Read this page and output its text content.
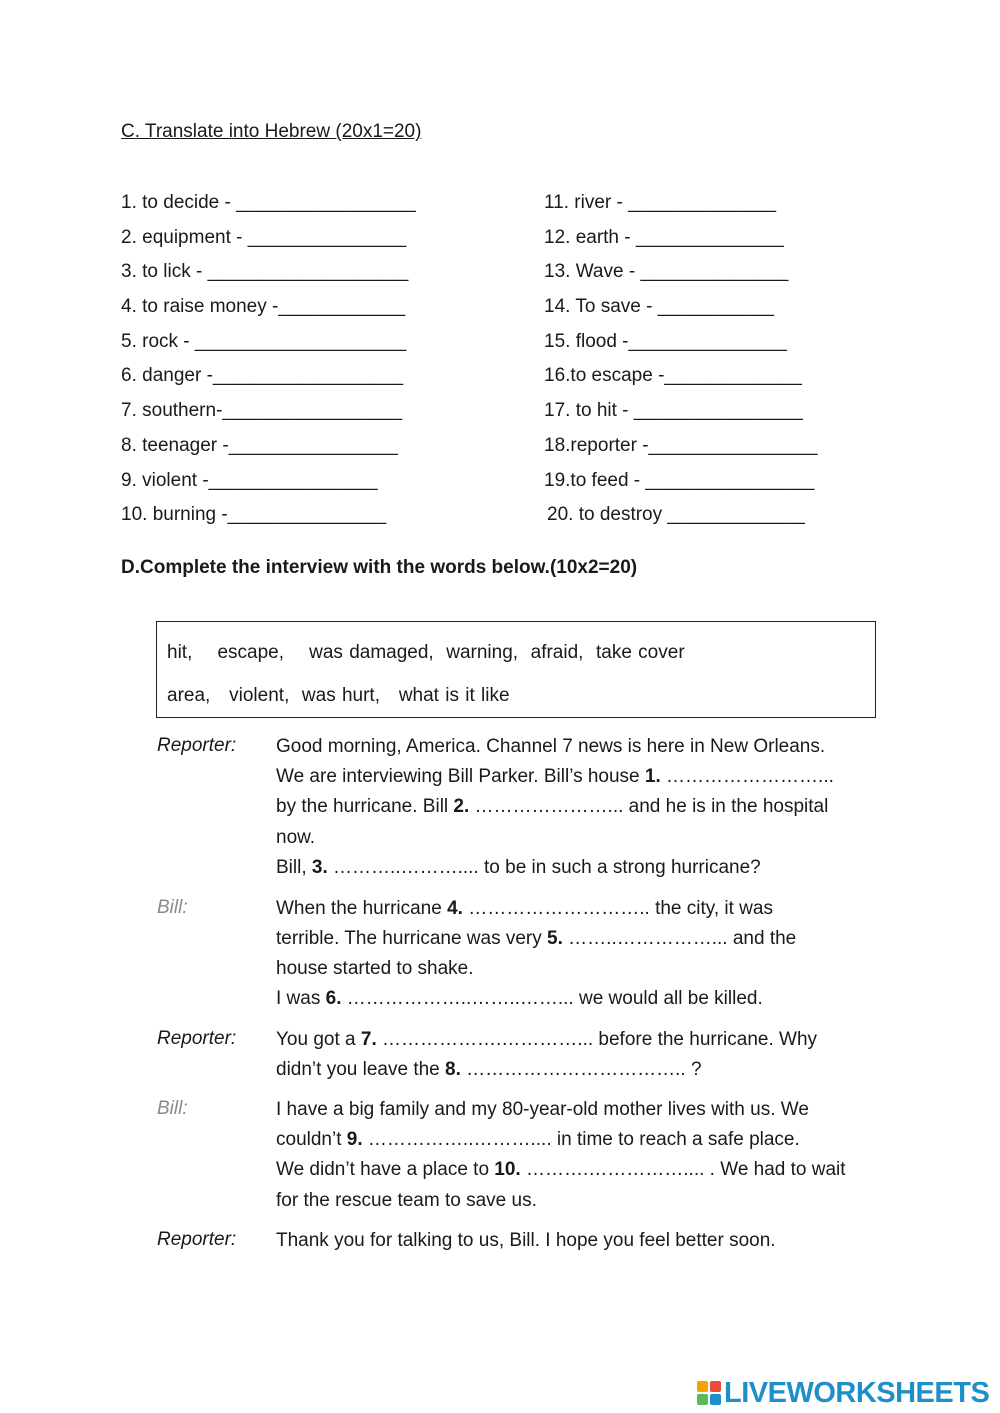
C. Translate into Hebrew (20x1=20)
1. to decide - _________________
2. equipment - _______________
3. to lick - ___________________
4. to raise money -____________
5. rock - ____________________
6. danger -__________________
7. southern-_________________
8. teenager -________________
9. violent -________________
10. burning -_______________
11. river - ______________
12. earth - ______________
13. Wave - ______________
14. To save - ___________
15. flood -_______________
16.to escape -_____________
17. to hit - ________________
18.reporter -________________
19.to feed - ________________
20. to destroy _____________
D.Complete the interview with the words below.(10x2=20)
hit,    escape,    was damaged,  warning,  afraid,  take cover
area,   violent,  was hurt,   what is it like
Reporter: Good morning, America. Channel 7 news is here in New Orleans.
We are interviewing Bill Parker. Bill’s house 1. ……………………...
by the hurricane. Bill 2. …………………... and he is in the hospital
now.
Bill, 3. ………..……….... to be in such a strong hurricane?
Bill:	When the hurricane 4. ……………………….. the city, it was
terrible. The hurricane was very 5. ……..……………... and the
house started to shake.
I was 6. ………………..……..……... we would all be killed.
Reporter: You got a 7. ……………….…………... before the hurricane. Why
didn’t you leave the 8. …………………………….. ?
Bill:	I have a big family and my 80-year-old mother lives with us. We
couldn’t 9. ……………..……….... in time to reach a safe place.
We didn’t have a place to 10. ……….…………….... . We had to wait
for the rescue team to save us.
Reporter: Thank you for talking to us, Bill. I hope you feel better soon.
LIVEWORKSHEETS
